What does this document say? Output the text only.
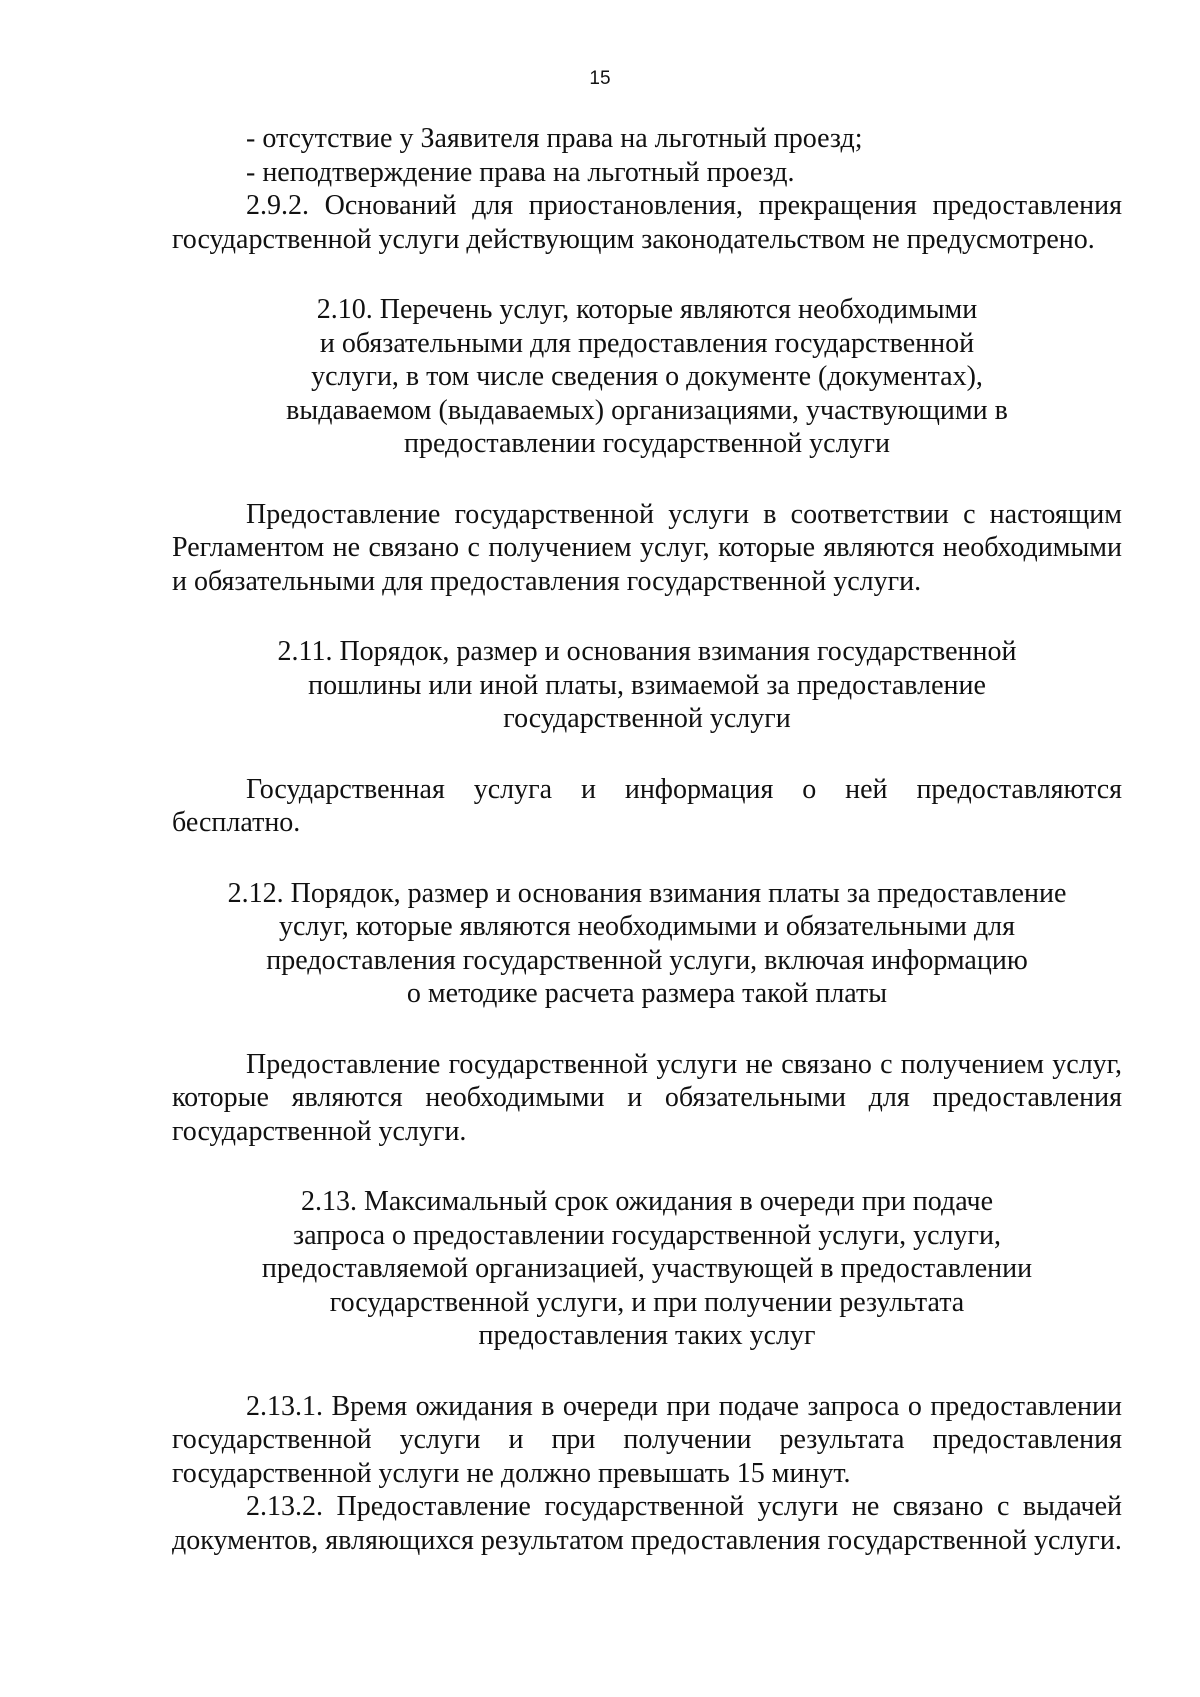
15

- отсутствие у Заявителя права на льготный проезд;

- неподтверждение права на льготный проезд.

2.9.2. Оснований для приостановления, прекращения предоставления государственной услуги действующим законодательством не предусмотрено.

2.10. Перечень услуг, которые являются необходимыми
и обязательными для предоставления государственной
услуги, в том числе сведения о документе (документах),
выдаваемом (выдаваемых) организациями, участвующими в
предоставлении государственной услуги

Предоставление государственной услуги в соответствии с настоящим Регламентом не связано с получением услуг, которые являются необходимыми и обязательными для предоставления государственной услуги.

2.11. Порядок, размер и основания взимания государственной
пошлины или иной платы, взимаемой за предоставление
государственной услуги

Государственная услуга и информация о ней предоставляются бесплатно.

2.12. Порядок, размер и основания взимания платы за предоставление
услуг, которые являются необходимыми и обязательными для
предоставления государственной услуги, включая информацию
о методике расчета размера такой платы

Предоставление государственной услуги не связано с получением услуг, которые являются необходимыми и обязательными для предоставления государственной услуги.

2.13. Максимальный срок ожидания в очереди при подаче
запроса о предоставлении государственной услуги, услуги,
предоставляемой организацией, участвующей в предоставлении
государственной услуги, и при получении результата
предоставления таких услуг

2.13.1. Время ожидания в очереди при подаче запроса о предоставлении государственной услуги и при получении результата предоставления государственной услуги не должно превышать 15 минут.

2.13.2. Предоставление государственной услуги не связано с выдачей документов, являющихся результатом предоставления государственной услуги.
